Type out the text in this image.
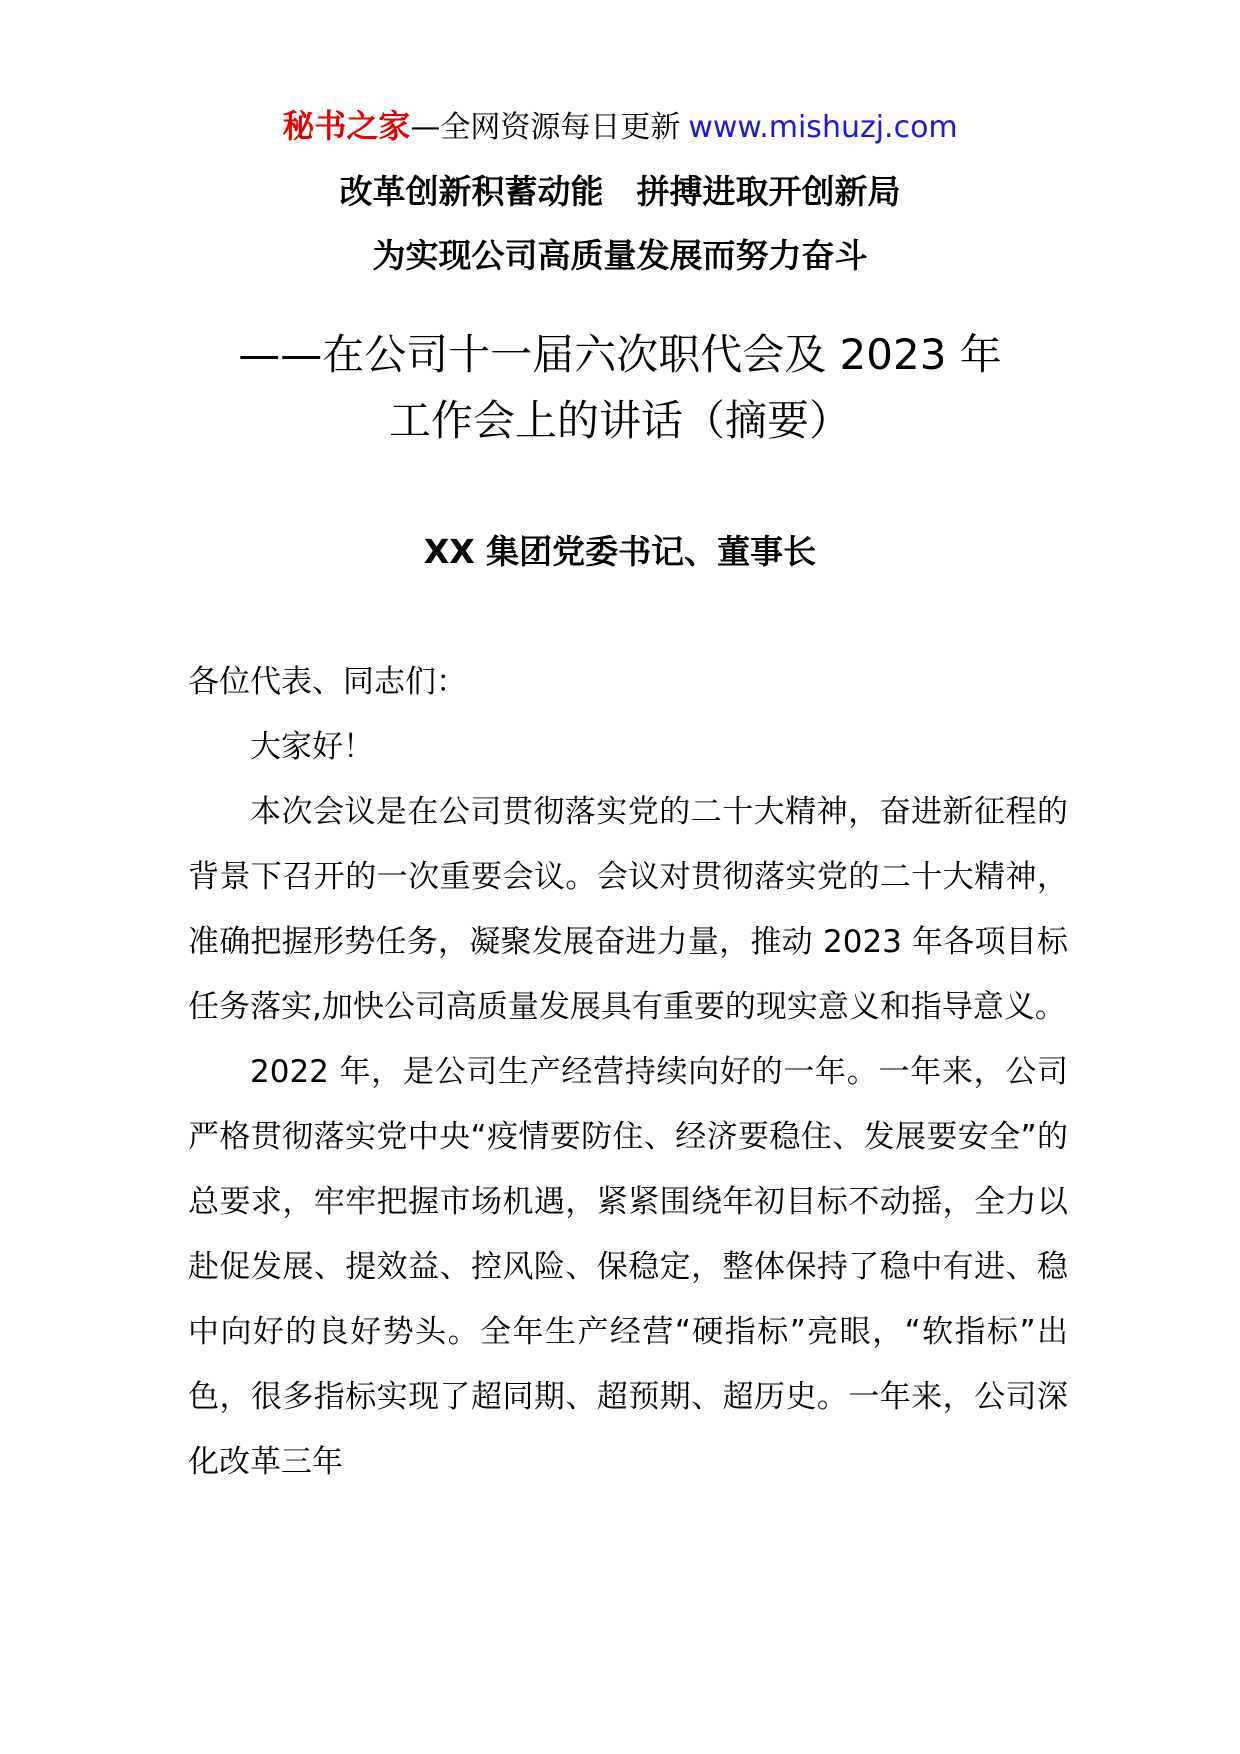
秘书之家—全网资源每日更新 www.mishuzj.com
改革创新积蓄动能　拼搏进取开创新局
为实现公司高质量发展而努力奋斗
——在公司十一届六次职代会及 2023 年
工作会上的讲话（摘要）
XX 集团党委书记、董事长

各位代表、同志们：

大家好！

本次会议是在公司贯彻落实党的二十大精神，奋进新征程的背景下召开的一次重要会议。会议对贯彻落实党的二十大精神，准确把握形势任务，凝聚发展奋进力量，推动 2023 年各项目标任务落实,加快公司高质量发展具有重要的现实意义和指导意义。

2022 年，是公司生产经营持续向好的一年。一年来，公司严格贯彻落实党中央“疫情要防住、经济要稳住、发展要安全”的总要求，牢牢把握市场机遇，紧紧围绕年初目标不动摇，全力以赴促发展、提效益、控风险、保稳定，整体保持了稳中有进、稳中向好的良好势头。全年生产经营“硬指标”亮眼，“软指标”出色，很多指标实现了超同期、超预期、超历史。一年来，公司深化改革三年
